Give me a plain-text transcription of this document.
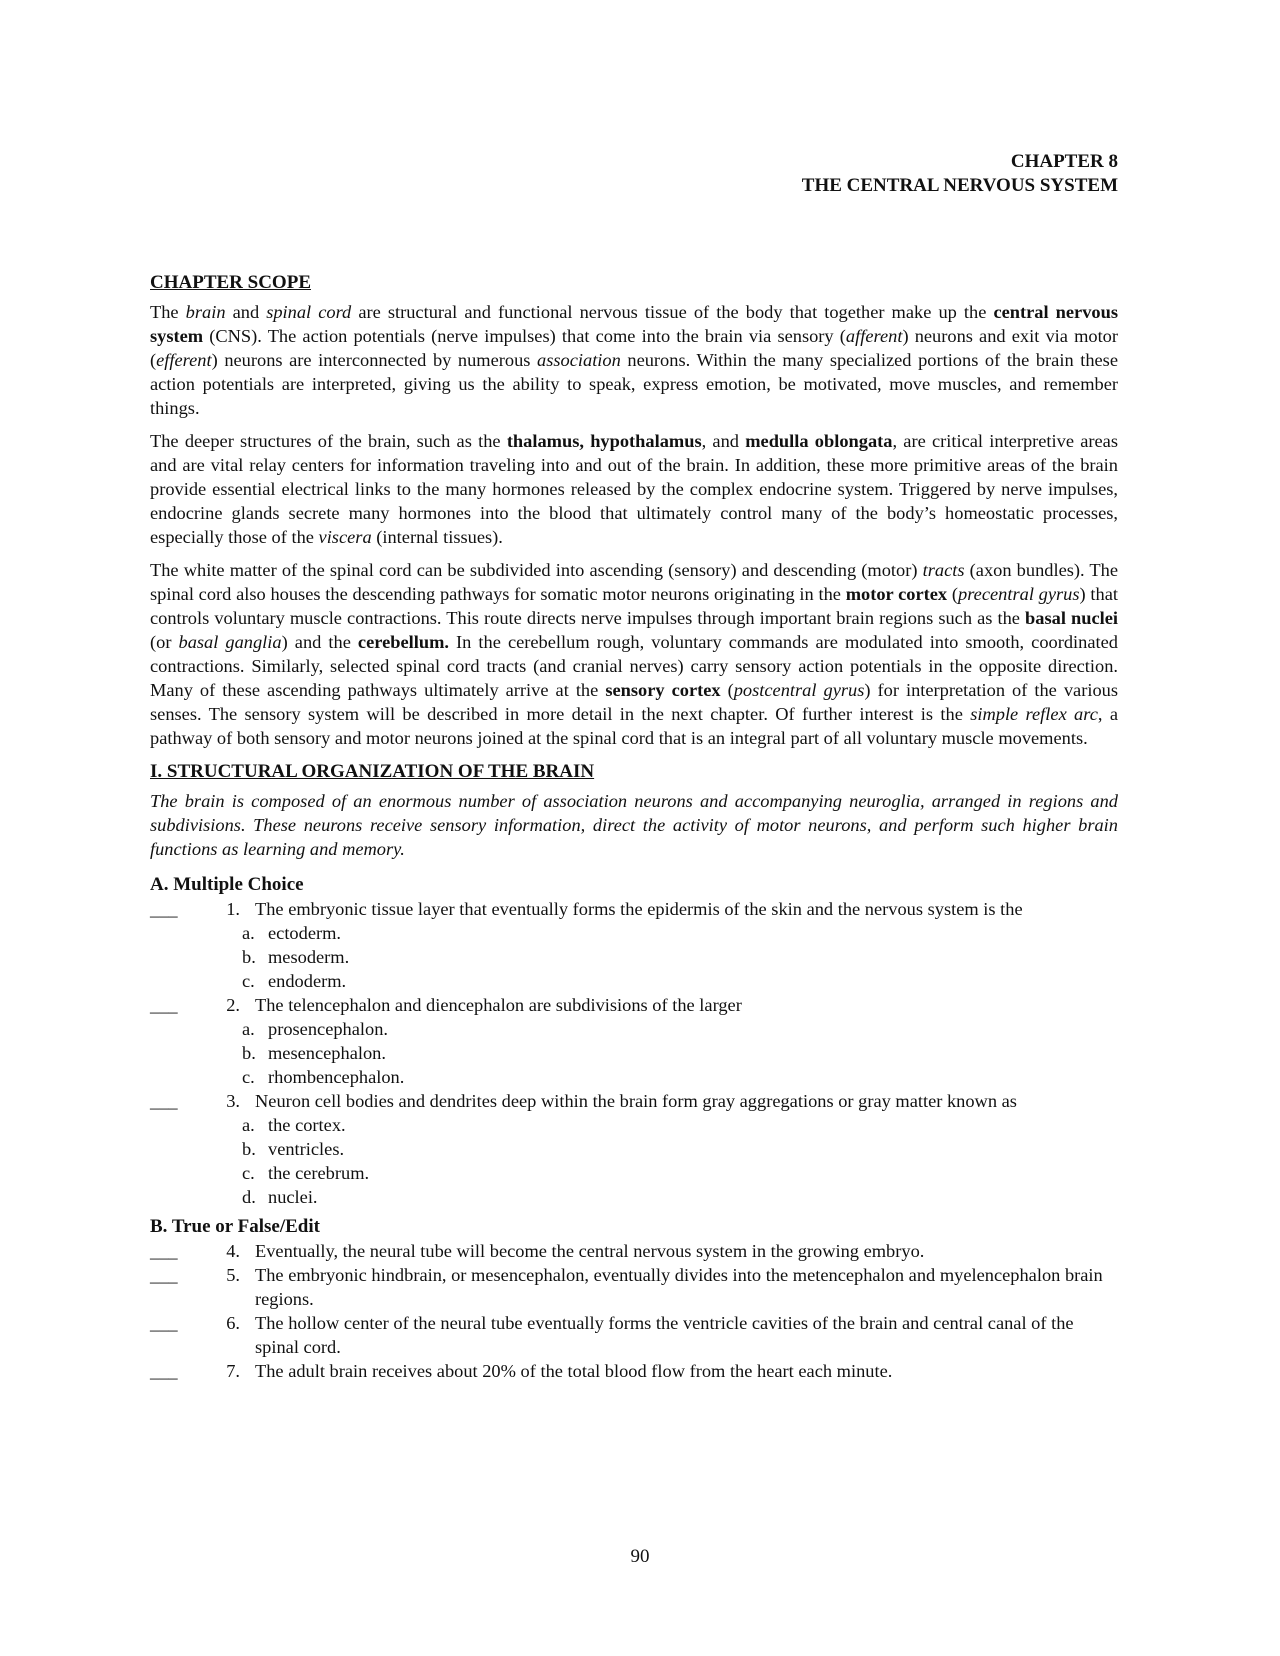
CHAPTER 8
THE CENTRAL NERVOUS SYSTEM
CHAPTER SCOPE

The brain and spinal cord are structural and functional nervous tissue of the body that together make up the central nervous system (CNS). The action potentials (nerve impulses) that come into the brain via sensory (afferent) neurons and exit via motor (efferent) neurons are interconnected by numerous association neurons. Within the many specialized portions of the brain these action potentials are interpreted, giving us the ability to speak, express emotion, be motivated, move muscles, and remember things.

The deeper structures of the brain, such as the thalamus, hypothalamus, and medulla oblongata, are critical interpretive areas and are vital relay centers for information traveling into and out of the brain. In addition, these more primitive areas of the brain provide essential electrical links to the many hormones released by the complex endocrine system. Triggered by nerve impulses, endocrine glands secrete many hormones into the blood that ultimately control many of the body’s homeostatic processes, especially those of the viscera (internal tissues).

The white matter of the spinal cord can be subdivided into ascending (sensory) and descending (motor) tracts (axon bundles). The spinal cord also houses the descending pathways for somatic motor neurons originating in the motor cortex (precentral gyrus) that controls voluntary muscle contractions. This route directs nerve impulses through important brain regions such as the basal nuclei (or basal ganglia) and the cerebellum. In the cerebellum rough, voluntary commands are modulated into smooth, coordinated contractions. Similarly, selected spinal cord tracts (and cranial nerves) carry sensory action potentials in the opposite direction. Many of these ascending pathways ultimately arrive at the sensory cortex (postcentral gyrus) for interpretation of the various senses. The sensory system will be described in more detail in the next chapter. Of further interest is the simple reflex arc, a pathway of both sensory and motor neurons joined at the spinal cord that is an integral part of all voluntary muscle movements.

I. STRUCTURAL ORGANIZATION OF THE BRAIN
The brain is composed of an enormous number of association neurons and accompanying neuroglia, arranged in regions and subdivisions. These neurons receive sensory information, direct the activity of motor neurons, and perform such higher brain functions as learning and memory.
A. Multiple Choice
___	1. The embryonic tissue layer that eventually forms the epidermis of the skin and the nervous system is the
a. ectoderm.
b. mesoderm.
c. endoderm.
___	2. The telencephalon and diencephalon are subdivisions of the larger
a. prosencephalon.
b. mesencephalon.
c. rhombencephalon.
___	3. Neuron cell bodies and dendrites deep within the brain form gray aggregations or gray matter known as
a. the cortex.
b. ventricles.
c. the cerebrum.
d. nuclei.
B. True or False/Edit
___	4. Eventually, the neural tube will become the central nervous system in the growing embryo.
___	5. The embryonic hindbrain, or mesencephalon, eventually divides into the metencephalon and myelencephalon brain regions.
___	6. The hollow center of the neural tube eventually forms the ventricle cavities of the brain and central canal of the spinal cord.
___	7. The adult brain receives about 20% of the total blood flow from the heart each minute.
90
